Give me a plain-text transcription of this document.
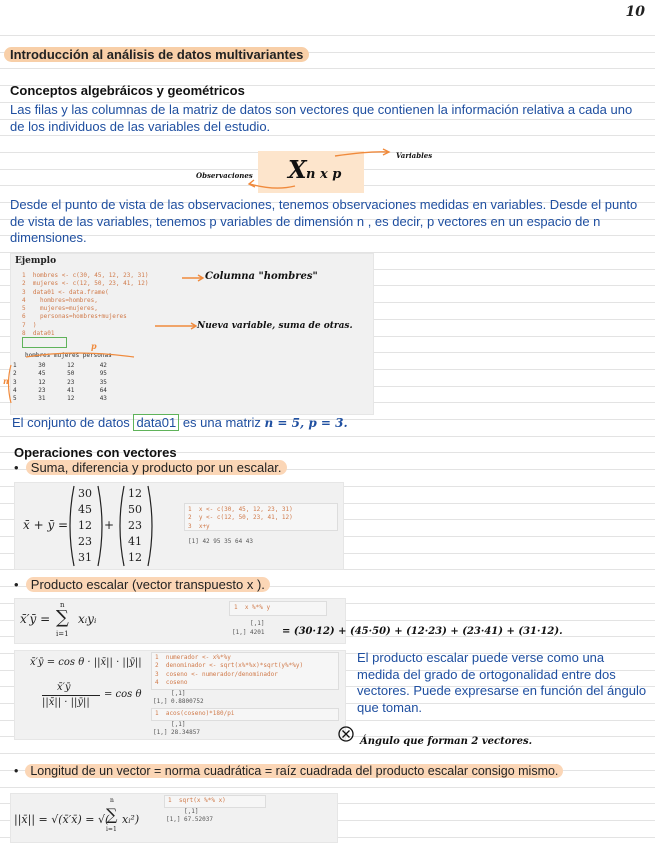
10
Introducción al análisis de datos multivariantes
Conceptos algebráicos y geométricos
Las filas y las columnas de la matriz de datos son vectores que contienen la información relativa a cada uno de los individuos de las variables del estudio.
X n x p
Observaciones
Variables
Desde el punto de vista de las observaciones, tenemos observaciones medidas en variables. Desde el punto de vista de las variables, tenemos p variables de dimensión n , es decir, p vectores en un espacio de n dimensiones.
Ejemplo
1  hombres <- c(30, 45, 12, 23, 31)
2  mujeres <- c(12, 50, 23, 41, 12)
3  data01 <- data.frame(
4    hombres=hombres,
5    mujeres=mujeres,
6    personas=hombres+mujeres
7  )
8  data01
Columna "hombres"
Nueva variable, suma de otras.
hombres mujeres personas
1      30      12       42
2      45      50       95
3      12      23       35
4      23      41       64
5      31      12       43
p
n
El conjunto de datos data01 es una matriz n = 5, p = 3.
Operaciones con vectores
•  Suma, diferencia y producto por un escalar.
x̄ + ȳ =
30
45
12
23
31
+
12
50
23
41
12
1  x <- c(30, 45, 12, 23, 31)
2  y <- c(12, 50, 23, 41, 12)
3  x+y
[1] 42 95 35 64 43
•  Producto escalar (vector transpuesto x ).
x̄′ȳ =
n
∑
i=1
xᵢyᵢ
1  x %*% y
[,1]
[1,] 4201 = (30·12) + (45·50) + (12·23) + (23·41) + (31·12).
x̄′ȳ = cos θ · ||x̄|| · ||ȳ||
x̄′ȳ
||x̄|| · ||ȳ||
= cos θ
1  numerador <- x%*%y
2  denominador <- sqrt(x%*%x)*sqrt(y%*%y)
3  coseno <- numerador/denominador
4  coseno
[,1]
[1,] 0.8800752
1  acos(coseno)*180/pi
[,1]
[1,] 28.34857
El producto escalar puede verse como una medida del grado de ortogonalidad entre dos vectores. Puede expresarse en función del ángulo que toman.
Ángulo que forman 2 vectores.
•  Longitud de un vector = norma cuadrática = raíz cuadrada del producto escalar consigo mismo.
||x̄|| = √(x̄′x̄) = √(
n
∑
i=1
xᵢ²)
1  sqrt(x %*% x)
[,1]
[1,] 67.52037
